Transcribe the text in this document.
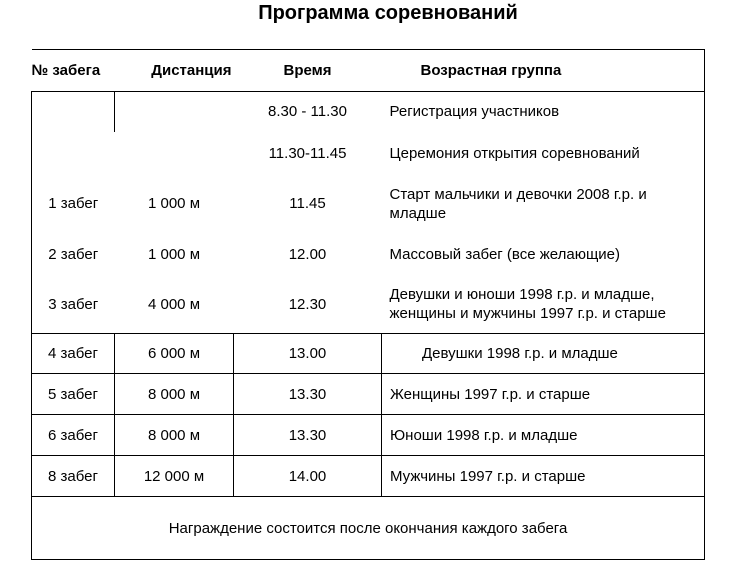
Программа соревнований
№ забега	Дистанция	Время	Возрастная группа
		8.30 - 11.30	Регистрация участников
		11.30-11.45	Церемония открытия соревнований
1 забег	1 000 м	11.45	Старт мальчики и девочки 2008 г.р. и младше
2 забег	1 000 м	12.00	Массовый забег (все желающие)
3 забег	4 000 м	12.30	Девушки и юноши 1998 г.р. и младше, женщины и мужчины 1997 г.р. и старше
4 забег	6 000 м	13.00	Девушки 1998 г.р. и младше
5 забег	8 000 м	13.30	Женщины 1997 г.р. и старше
6 забег	8 000 м	13.30	Юноши 1998 г.р. и младше
8 забег	12 000 м	14.00	Мужчины 1997 г.р. и старше
Награждение состоится после окончания каждого забега			
